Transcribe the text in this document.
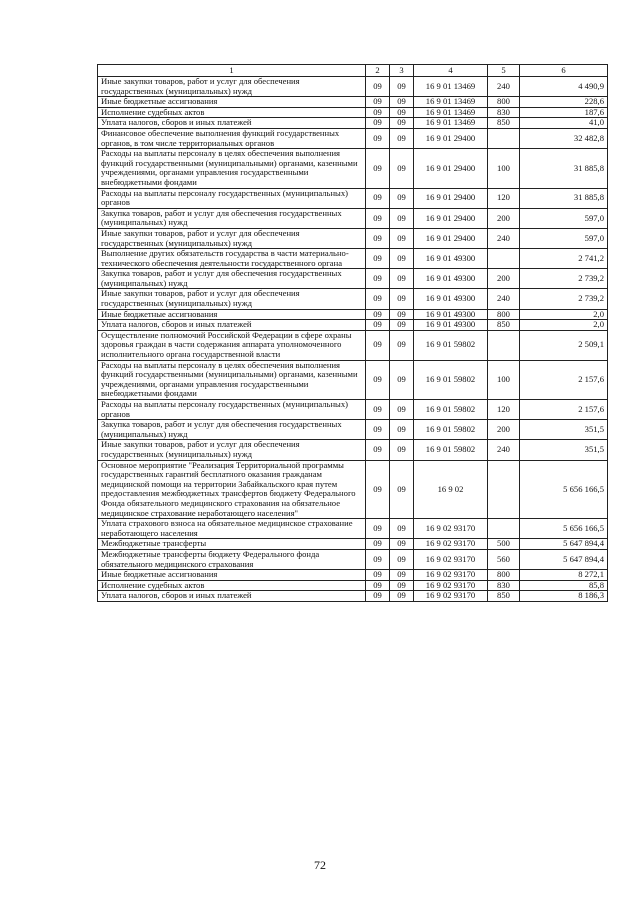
1	2	3	4	5	6
Иные закупки товаров, работ и услуг для обеспечения государственных (муниципальных) нужд	09	09	16 9 01 13469	240	4 490,9
Иные бюджетные ассигнования	09	09	16 9 01 13469	800	228,6
Исполнение судебных актов	09	09	16 9 01 13469	830	187,6
Уплата налогов, сборов и иных платежей	09	09	16 9 01 13469	850	41,0
Финансовое обеспечение выполнения функций государственных органов, в том числе территориальных органов	09	09	16 9 01 29400		32 482,8
Расходы на выплаты персоналу в целях обеспечения выполнения функций государственными (муниципальными) органами, казенными учреждениями, органами управления государственными внебюджетными фондами	09	09	16 9 01 29400	100	31 885,8
Расходы на выплаты персоналу государственных (муниципальных) органов	09	09	16 9 01 29400	120	31 885,8
Закупка товаров, работ и услуг для обеспечения государственных (муниципальных) нужд	09	09	16 9 01 29400	200	597,0
Иные закупки товаров, работ и услуг для обеспечения государственных (муниципальных) нужд	09	09	16 9 01 29400	240	597,0
Выполнение других обязательств государства в части материально-технического обеспечения деятельности государственного органа	09	09	16 9 01 49300		2 741,2
Закупка товаров, работ и услуг для обеспечения государственных (муниципальных) нужд	09	09	16 9 01 49300	200	2 739,2
Иные закупки товаров, работ и услуг для обеспечения государственных (муниципальных) нужд	09	09	16 9 01 49300	240	2 739,2
Иные бюджетные ассигнования	09	09	16 9 01 49300	800	2,0
Уплата налогов, сборов и иных платежей	09	09	16 9 01 49300	850	2,0
Осуществление полномочий Российской Федерации в сфере охраны здоровья граждан в части содержания аппарата уполномоченного исполнительного органа государственной власти	09	09	16 9 01 59802		2 509,1
Расходы на выплаты персоналу в целях обеспечения выполнения функций государственными (муниципальными) органами, казенными учреждениями, органами управления государственными внебюджетными фондами	09	09	16 9 01 59802	100	2 157,6
Расходы на выплаты персоналу государственных (муниципальных) органов	09	09	16 9 01 59802	120	2 157,6
Закупка товаров, работ и услуг для обеспечения государственных (муниципальных) нужд	09	09	16 9 01 59802	200	351,5
Иные закупки товаров, работ и услуг для обеспечения государственных (муниципальных) нужд	09	09	16 9 01 59802	240	351,5
Основное мероприятие "Реализация Территориальной программы государственных гарантий бесплатного оказания гражданам медицинской помощи на территории Забайкальского края путем предоставления межбюджетных трансфертов бюджету Федерального Фонда обязательного медицинского страхования на обязательное медицинское страхование неработающего населения"	09	09	16 9 02		5 656 166,5
Уплата страхового взноса на обязательное медицинское страхование неработающего населения	09	09	16 9 02 93170		5 656 166,5
Межбюджетные трансферты	09	09	16 9 02 93170	500	5 647 894,4
Межбюджетные трансферты бюджету Федерального фонда обязательного медицинского страхования	09	09	16 9 02 93170	560	5 647 894,4
Иные бюджетные ассигнования	09	09	16 9 02 93170	800	8 272,1
Исполнение судебных актов	09	09	16 9 02 93170	830	85,8
Уплата налогов, сборов и иных платежей	09	09	16 9 02 93170	850	8 186,3
72
